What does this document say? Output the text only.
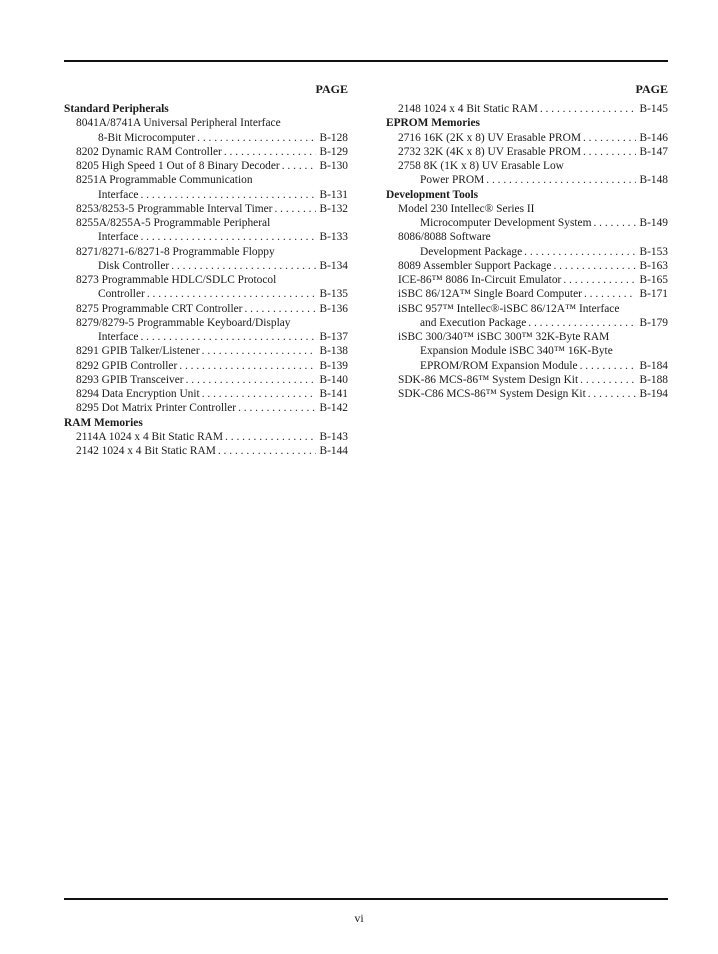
PAGE
Standard Peripherals
8041A/8741A Universal Peripheral Interface
8-Bit Microcomputer . . .	B-128
8202 Dynamic RAM Controller . . .	B-129
8205 High Speed 1 Out of 8 Binary Decoder . . .	B-130
8251A Programmable Communication
Interface . . .	B-131
8253/8253-5 Programmable Interval Timer . . .	B-132
8255A/8255A-5 Programmable Peripheral
Interface . . .	B-133
8271/8271-6/8271-8 Programmable Floppy
Disk Controller . . .	B-134
8273 Programmable HDLC/SDLC Protocol
Controller . . .	B-135
8275 Programmable CRT Controller . . .	B-136
8279/8279-5 Programmable Keyboard/Display
Interface . . .	B-137
8291 GPIB Talker/Listener . . .	B-138
8292 GPIB Controller . . .	B-139
8293 GPIB Transceiver . . .	B-140
8294 Data Encryption Unit . . .	B-141
8295 Dot Matrix Printer Controller . . .	B-142
RAM Memories
2114A 1024 x 4 Bit Static RAM . . .	B-143
2142 1024 x 4 Bit Static RAM . . .	B-144
PAGE
2148 1024 x 4 Bit Static RAM . . .	B-145
EPROM Memories
2716 16K (2K x 8) UV Erasable PROM . . .	B-146
2732 32K (4K x 8) UV Erasable PROM . . .	B-147
2758 8K (1K x 8) UV Erasable Low
Power PROM . . .	B-148
Development Tools
Model 230 Intellec® Series II
Microcomputer Development System . . .	B-149
8086/8088 Software
Development Package . . .	B-153
8089 Assembler Support Package . . .	B-163
ICE-86™ 8086 In-Circuit Emulator . . .	B-165
iSBC 86/12A™ Single Board Computer . . .	B-171
iSBC 957™ Intellec®-iSBC 86/12A™ Interface
and Execution Package . . .	B-179
iSBC 300/340™ iSBC 300™ 32K-Byte RAM
Expansion Module iSBC 340™ 16K-Byte
EPROM/ROM Expansion Module . . .	B-184
SDK-86 MCS-86™ System Design Kit . . .	B-188
SDK-C86 MCS-86™ System Design Kit . . .	B-194
vi
